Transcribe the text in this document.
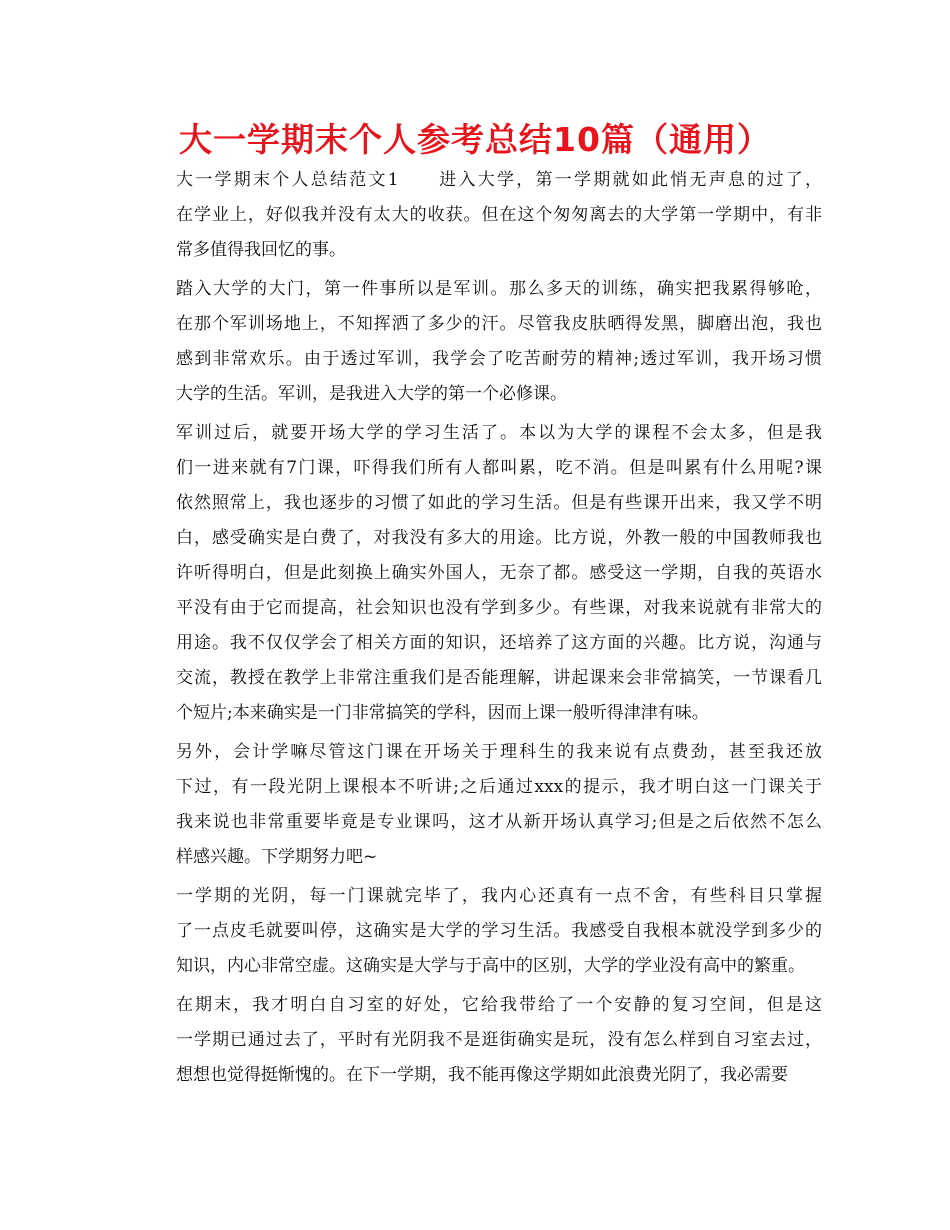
大一学期末个人参考总结10篇（通用）
大一学期末个人总结范文1　　进入大学，第一学期就如此悄无声息的过了，
在学业上，好似我并没有太大的收获。但在这个匆匆离去的大学第一学期中，有非
常多值得我回忆的事。
踏入大学的大门，第一件事所以是军训。那么多天的训练，确实把我累得够呛，
在那个军训场地上，不知挥洒了多少的汗。尽管我皮肤晒得发黑，脚磨出泡，我也
感到非常欢乐。由于透过军训，我学会了吃苦耐劳的精神;透过军训，我开场习惯
大学的生活。军训，是我进入大学的第一个必修课。
军训过后，就要开场大学的学习生活了。本以为大学的课程不会太多，但是我
们一进来就有7门课，吓得我们所有人都叫累，吃不消。但是叫累有什么用呢?课
依然照常上，我也逐步的习惯了如此的学习生活。但是有些课开出来，我又学不明
白，感受确实是白费了，对我没有多大的用途。比方说，外教一般的中国教师我也
许听得明白，但是此刻换上确实外国人，无奈了都。感受这一学期，自我的英语水
平没有由于它而提高，社会知识也没有学到多少。有些课，对我来说就有非常大的
用途。我不仅仅学会了相关方面的知识，还培养了这方面的兴趣。比方说，沟通与
交流，教授在教学上非常注重我们是否能理解，讲起课来会非常搞笑，一节课看几
个短片;本来确实是一门非常搞笑的学科，因而上课一般听得津津有味。
另外，会计学嘛尽管这门课在开场关于理科生的我来说有点费劲，甚至我还放
下过，有一段光阴上课根本不听讲;之后通过xxx的提示，我才明白这一门课关于
我来说也非常重要毕竟是专业课吗，这才从新开场认真学习;但是之后依然不怎么
样感兴趣。下学期努力吧~
一学期的光阴，每一门课就完毕了，我内心还真有一点不舍，有些科目只掌握
了一点皮毛就要叫停，这确实是大学的学习生活。我感受自我根本就没学到多少的
知识，内心非常空虚。这确实是大学与于高中的区别，大学的学业没有高中的繁重。
在期末，我才明白自习室的好处，它给我带给了一个安静的复习空间，但是这
一学期已通过去了，平时有光阴我不是逛街确实是玩，没有怎么样到自习室去过，
想想也觉得挺惭愧的。在下一学期，我不能再像这学期如此浪费光阴了，我必需要
